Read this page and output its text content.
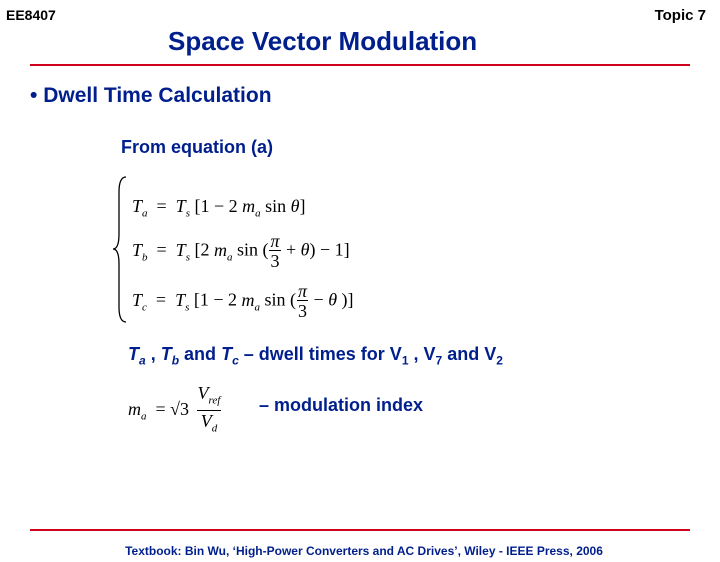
EE8407	Topic 7
Space Vector Modulation
• Dwell Time Calculation
From equation (a)
$T_a = T_s$ [1 − 2 $m_a$ sin θ]
$T_b = T_s$ [2 $m_a$ sin ( $\frac{\pi}{3} + \theta) - 1$]
$T_c = T_s$ [1 − 2 $m_a$ sin ( $\frac{\pi}{3} - \theta$ )]
$T_a$ , $T_b$ and $T_c$ – dwell times for $V_1$ , $V_7$ and $V_2$
$m_a = √3 \frac{V_{ref}}{V_d}$ – modulation index
Textbook: Bin Wu, ‘High-Power Converters and AC Drives’, Wiley - IEEE Press, 2006
